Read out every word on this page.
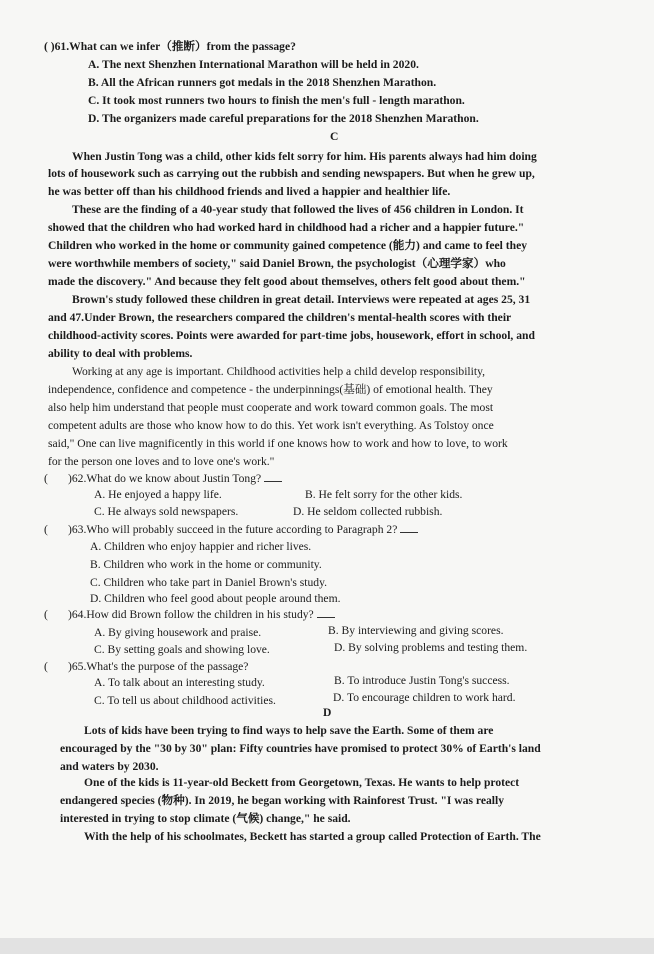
( )61.What can we infer（推断）from the passage?
A. The next Shenzhen International Marathon will be held in 2020.
B. All the African runners got medals in the 2018 Shenzhen Marathon.
C. It took most runners two hours to finish the men's full - length marathon.
D. The organizers made careful preparations for the 2018 Shenzhen Marathon.
C
When Justin Tong was a child, other kids felt sorry for him. His parents always had him doing
lots of housework such as carrying out the rubbish and sending newspapers. But when he grew up,
he was better off than his childhood friends and lived a happier and healthier life.
These are the finding of a 40-year study that followed the lives of 456 children in London. It
showed that the children who had worked hard in childhood had a richer and a happier future."
Children who worked in the home or community gained competence (能力) and came to feel they
were worthwhile members of society," said Daniel Brown, the psychologist（心理学家）who
made the discovery." And because they felt good about themselves, others felt good about them."
Brown's study followed these children in great detail. Interviews were repeated at ages 25, 31
and 47.Under Brown, the researchers compared the children's mental-health scores with their
childhood-activity scores. Points were awarded for part-time jobs, housework, effort in school, and
ability to deal with problems.
Working at any age is important. Childhood activities help a child develop responsibility,
independence, confidence and competence - the underpinnings(基础) of emotional health. They
also help him understand that people must cooperate and work toward common goals. The most
competent adults are those who know how to do this. Yet work isn't everything. As Tolstoy once
said," One can live magnificently in this world if one knows how to work and how to love, to work
for the person one loves and to love one's work."
( )62.What do we know about Justin Tong?
A. He enjoyed a happy life.	B. He felt sorry for the other kids.
C. He always sold newspapers.	D. He seldom collected rubbish.
( )63.Who will probably succeed in the future according to Paragraph 2?
A. Children who enjoy happier and richer lives.
B. Children who work in the home or community.
C. Children who take part in Daniel Brown's study.
D. Children who feel good about people around them.
( )64.How did Brown follow the children in his study?
A. By giving housework and praise.	B. By interviewing and giving scores.
C. By setting goals and showing love.	D. By solving problems and testing them.
( )65.What's the purpose of the passage?
A. To talk about an interesting study.	B. To introduce Justin Tong's success.
C. To tell us about childhood activities.	D. To encourage children to work hard.
D
Lots of kids have been trying to find ways to help save the Earth. Some of them are
encouraged by the "30 by 30" plan: Fifty countries have promised to protect 30% of Earth's land
and waters by 2030.
One of the kids is 11-year-old Beckett from Georgetown, Texas. He wants to help protect
endangered species (物种). In 2019, he began working with Rainforest Trust. "I was really
interested in trying to stop climate (气候) change," he said.
With the help of his schoolmates, Beckett has started a group called Protection of Earth. The
